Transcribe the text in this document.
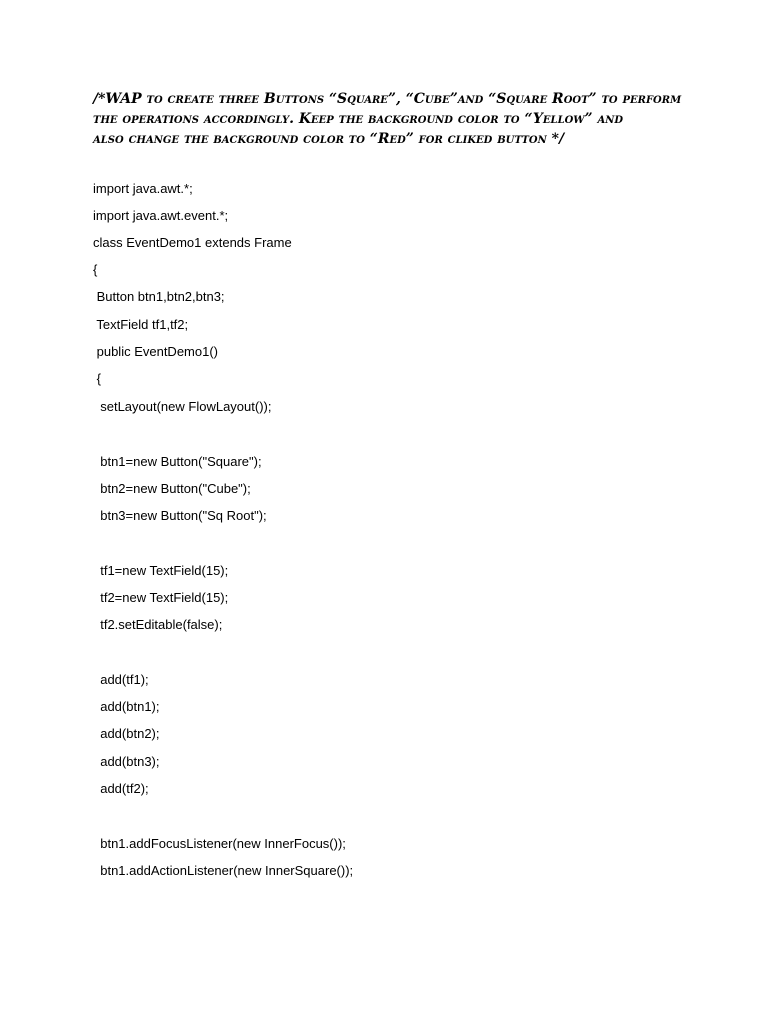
/*WAP to create three Buttons “Square”, “Cube”and “Square Root” to perform
the operations accordingly. Keep the background color to “Yellow” and
also change the background color to “Red” for cliked button */
import java.awt.*;
import java.awt.event.*;
class EventDemo1 extends Frame
{
Button btn1,btn2,btn3;
TextField tf1,tf2;
public EventDemo1()
{
setLayout(new FlowLayout());
btn1=new Button("Square");
btn2=new Button("Cube");
btn3=new Button("Sq Root");
tf1=new TextField(15);
tf2=new TextField(15);
tf2.setEditable(false);
add(tf1);
add(btn1);
add(btn2);
add(btn3);
add(tf2);
btn1.addFocusListener(new InnerFocus());
btn1.addActionListener(new InnerSquare());
